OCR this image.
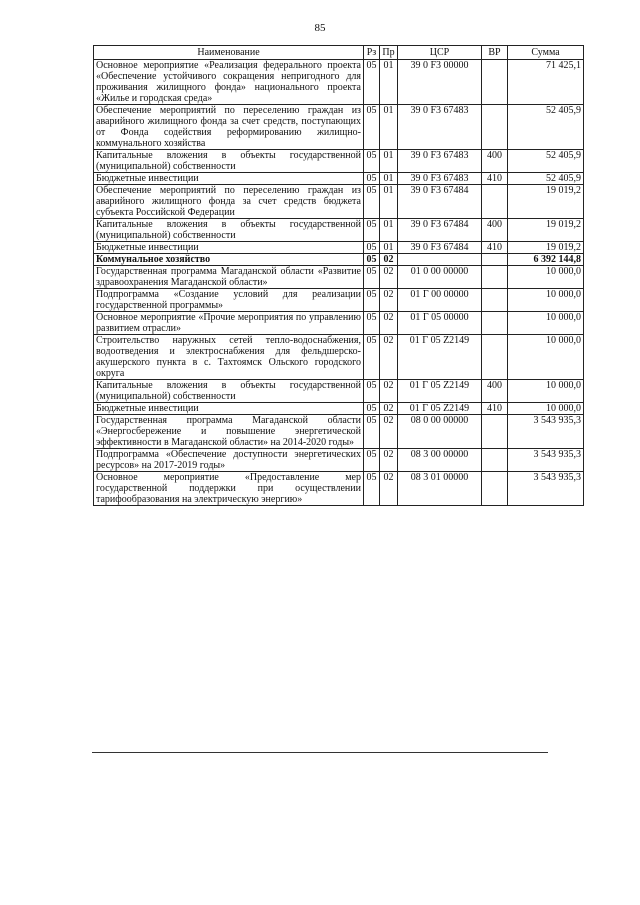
85
Наименование	Рз	Пр	ЦСР	ВР	Сумма
Основное мероприятие «Реализация федерального проекта «Обеспечение устойчивого сокращения непригодного для проживания жилищного фонда» национального проекта «Жилье и городская среда»	05	01	39 0 F3 00000		71 425,1
Обеспечение мероприятий по переселению граждан из аварийного жилищного фонда за счет средств, поступающих от Фонда содействия реформированию жилищно-коммунального хозяйства	05	01	39 0 F3 67483		52 405,9
Капитальные вложения в объекты государственной (муниципальной) собственности	05	01	39 0 F3 67483	400	52 405,9
Бюджетные инвестиции	05	01	39 0 F3 67483	410	52 405,9
Обеспечение мероприятий по переселению граждан из аварийного жилищного фонда за счет средств бюджета субъекта Российской Федерации	05	01	39 0 F3 67484		19 019,2
Капитальные вложения в объекты государственной (муниципальной) собственности	05	01	39 0 F3 67484	400	19 019,2
Бюджетные инвестиции	05	01	39 0 F3 67484	410	19 019,2
Коммунальное хозяйство	05	02			6 392 144,8
Государственная программа Магаданской области «Развитие здравоохранения Магаданской области»	05	02	01 0 00 00000		10 000,0
Подпрограмма «Создание условий для реализации государственной программы»	05	02	01 Г 00 00000		10 000,0
Основное мероприятие «Прочие мероприятия по управлению развитием отрасли»	05	02	01 Г 05 00000		10 000,0
Строительство наружных сетей тепло-водоснабжения, водоотведения и электроснабжения для фельдшерско-акушерского пункта в с. Тахтоямск Ольского городского округа	05	02	01 Г 05 Z2149		10 000,0
Капитальные вложения в объекты государственной (муниципальной) собственности	05	02	01 Г 05 Z2149	400	10 000,0
Бюджетные инвестиции	05	02	01 Г 05 Z2149	410	10 000,0
Государственная программа Магаданской области «Энергосбережение и повышение энергетической эффективности в Магаданской области» на 2014-2020 годы»	05	02	08 0 00 00000		3 543 935,3
Подпрограмма «Обеспечение доступности энергетических ресурсов» на 2017-2019 годы»	05	02	08 3 00 00000		3 543 935,3
Основное мероприятие «Предоставление мер государственной поддержки при осуществлении тарифообразования на электрическую энергию»	05	02	08 3 01 00000		3 543 935,3
